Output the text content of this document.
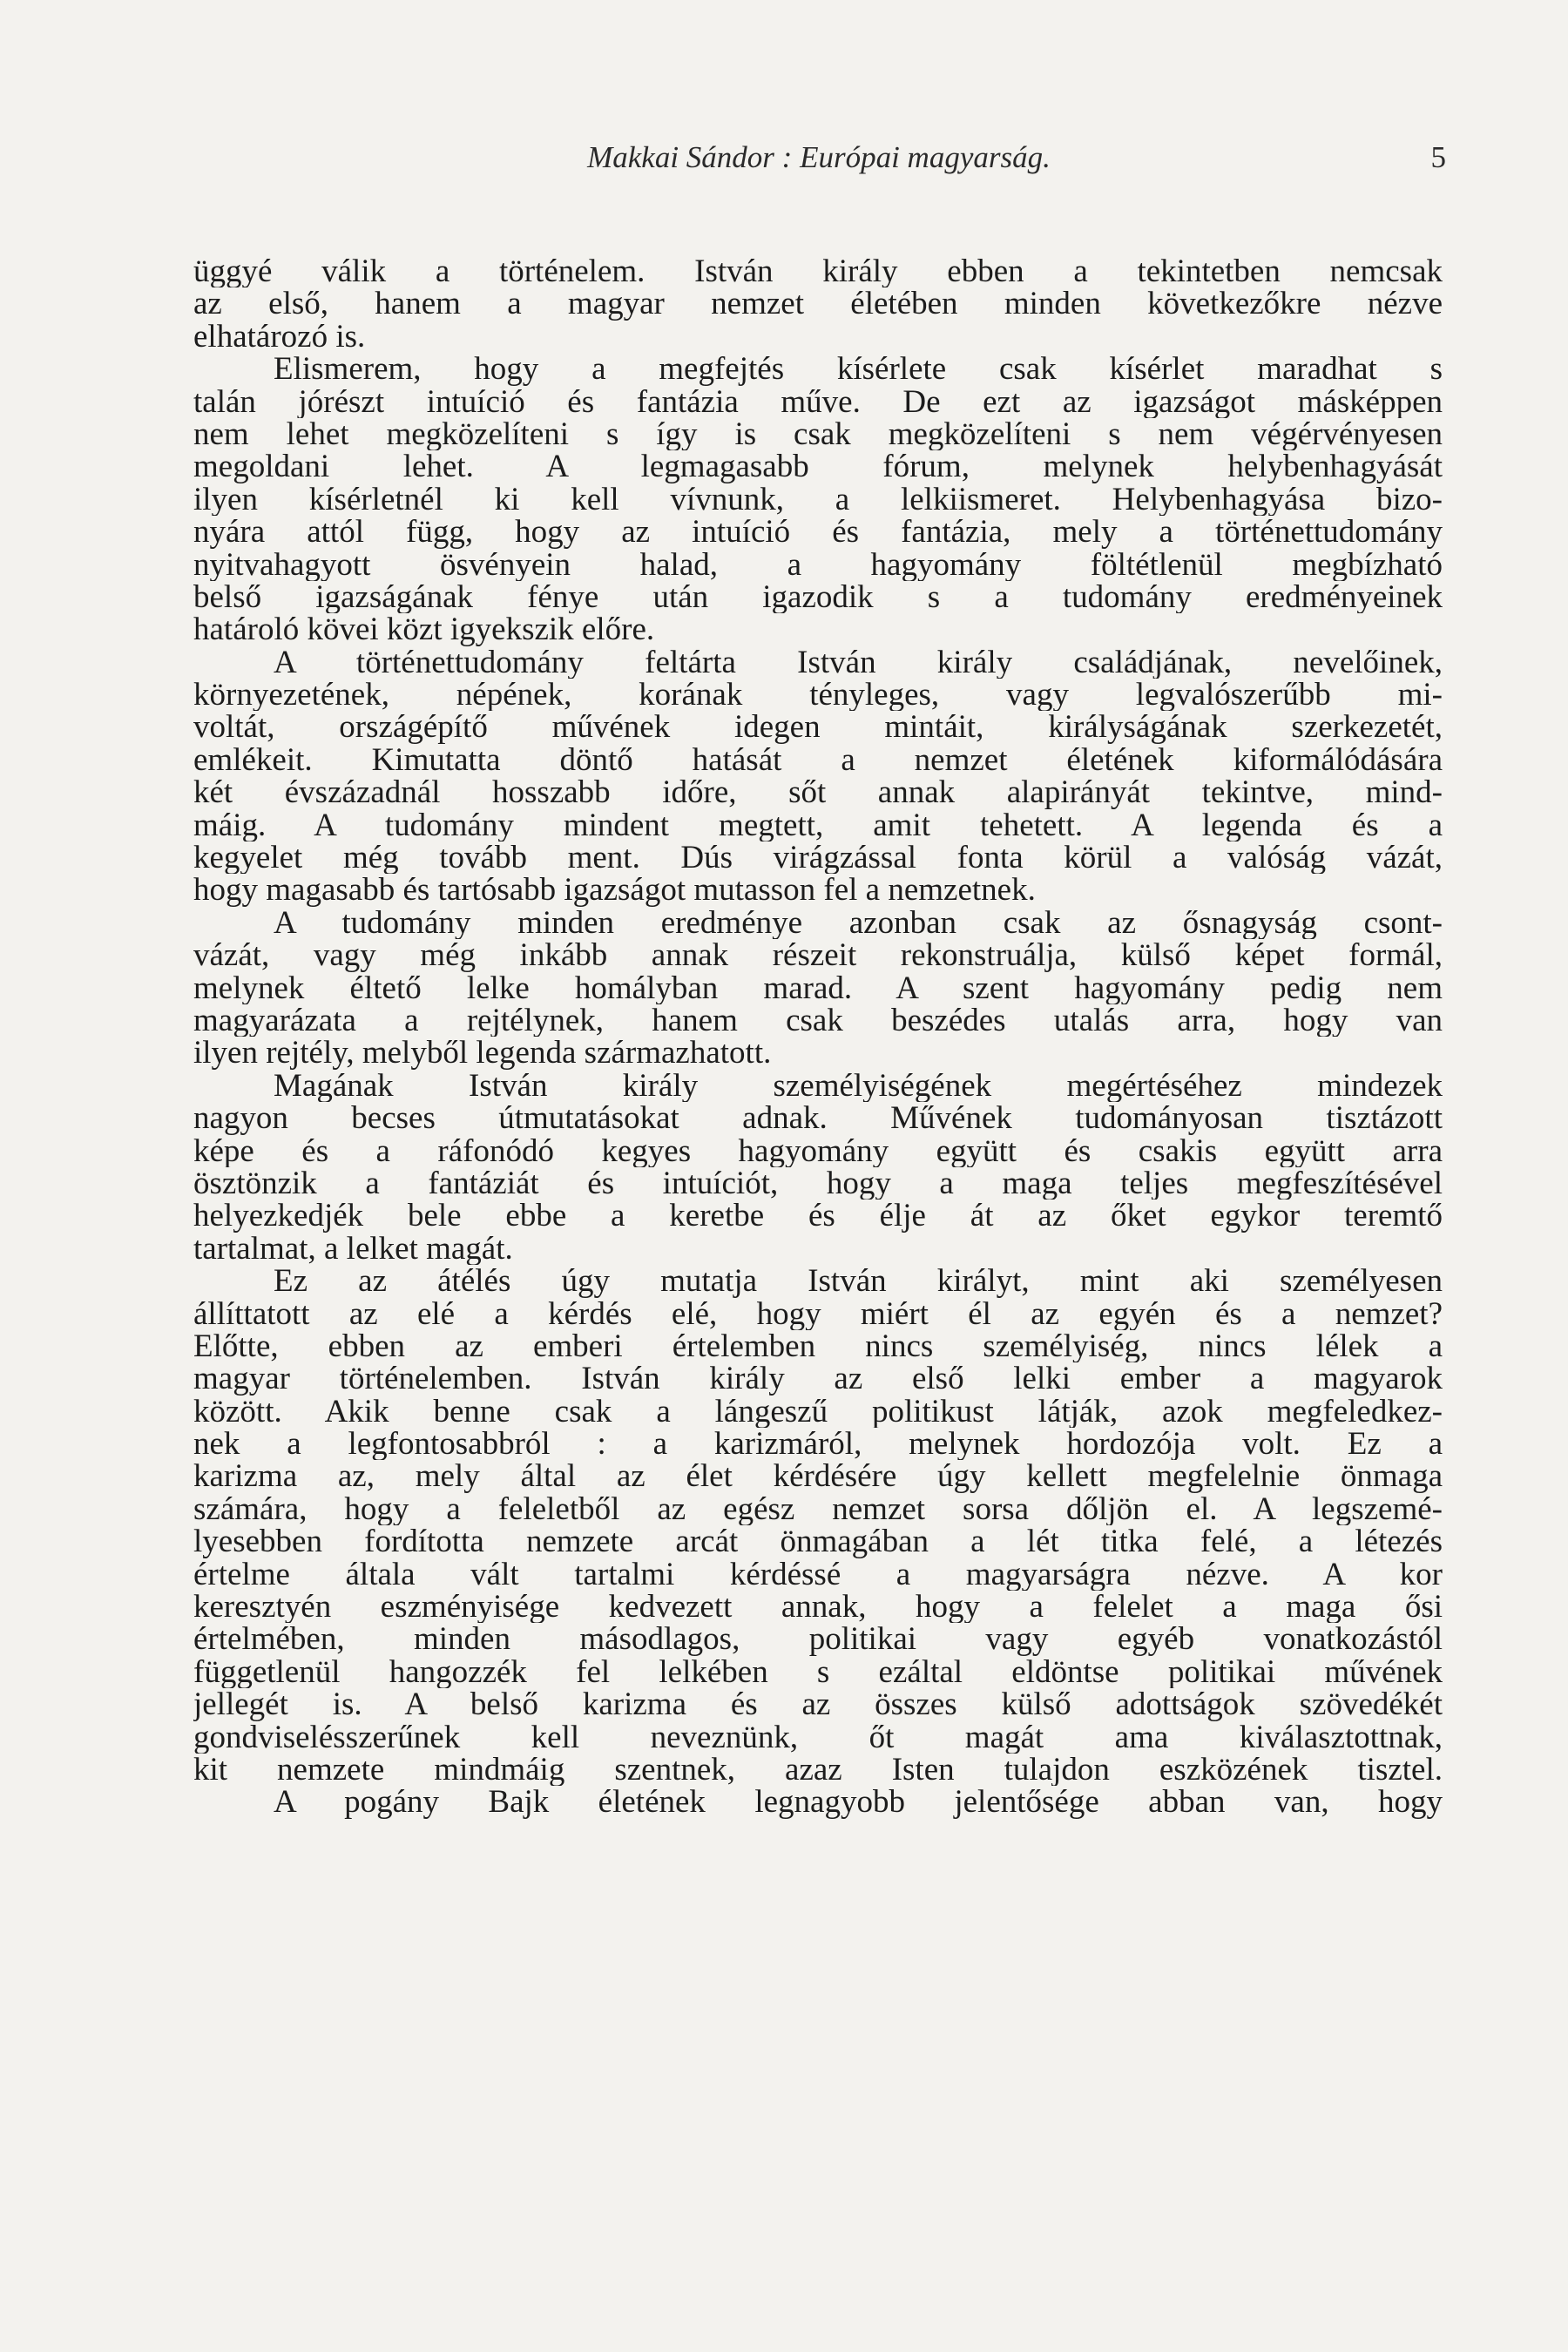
Makkai Sándor : Európai magyarság.	5
üggyé válik a történelem. István király ebben a tekintetben nemcsak
az első, hanem a magyar nemzet életében minden következőkre nézve
elhatározó is.
Elismerem, hogy a megfejtés kísérlete csak kísérlet maradhat s
talán jórészt intuíció és fantázia műve. De ezt az igazságot másképpen
nem lehet megközelíteni s így is csak megközelíteni s nem végérvényesen
megoldani lehet. A legmagasabb fórum, melynek helybenhagyását
ilyen kísérletnél ki kell vívnunk, a lelkiismeret. Helybenhagyása bizo-
nyára attól függ, hogy az intuíció és fantázia, mely a történettudomány
nyitvahagyott ösvényein halad, a hagyomány föltétlenül megbízható
belső igazságának fénye után igazodik s a tudomány eredményeinek
határoló kövei közt igyekszik előre.
A történettudomány feltárta István király családjának, nevelőinek,
környezetének, népének, korának tényleges, vagy legvalószerűbb mi-
voltát, országépítő művének idegen mintáit, királyságának szerkezetét,
emlékeit. Kimutatta döntő hatását a nemzet életének kiformálódására
két évszázadnál hosszabb időre, sőt annak alapirányát tekintve, mind-
máig. A tudomány mindent megtett, amit tehetett. A legenda és a
kegyelet még tovább ment. Dús virágzással fonta körül a valóság vázát,
hogy magasabb és tartósabb igazságot mutasson fel a nemzetnek.
A tudomány minden eredménye azonban csak az ősnagyság csont-
vázát, vagy még inkább annak részeit rekonstruálja, külső képet formál,
melynek éltető lelke homályban marad. A szent hagyomány pedig nem
magyarázata a rejtélynek, hanem csak beszédes utalás arra, hogy van
ilyen rejtély, melyből legenda származhatott.
Magának István király személyiségének megértéséhez mindezek
nagyon becses útmutatásokat adnak. Művének tudományosan tisztázott
képe és a ráfonódó kegyes hagyomány együtt és csakis együtt arra
ösztönzik a fantáziát és intuíciót, hogy a maga teljes megfeszítésével
helyezkedjék bele ebbe a keretbe és élje át az őket egykor teremtő
tartalmat, a lelket magát.
Ez az átélés úgy mutatja István királyt, mint aki személyesen
állíttatott az elé a kérdés elé, hogy miért él az egyén és a nemzet?
Előtte, ebben az emberi értelemben nincs személyiség, nincs lélek a
magyar történelemben. István király az első lelki ember a magyarok
között. Akik benne csak a lángeszű politikust látják, azok megfeledkez-
nek a legfontosabbról : a karizmáról, melynek hordozója volt. Ez a
karizma az, mely által az élet kérdésére úgy kellett megfelelnie önmaga
számára, hogy a feleletből az egész nemzet sorsa dőljön el. A legszemé-
lyesebben fordította nemzete arcát önmagában a lét titka felé, a létezés
értelme általa vált tartalmi kérdéssé a magyarságra nézve. A kor
keresztyén eszményisége kedvezett annak, hogy a felelet a maga ősi
értelmében, minden másodlagos, politikai vagy egyéb vonatkozástól
függetlenül hangozzék fel lelkében s ezáltal eldöntse politikai művének
jellegét is. A belső karizma és az összes külső adottságok szövedékét
gondviselésszerűnek kell neveznünk, őt magát ama kiválasztottnak,
kit nemzete mindmáig szentnek, azaz Isten tulajdon eszközének tisztel.
A pogány Bajk életének legnagyobb jelentősége abban van, hogy
